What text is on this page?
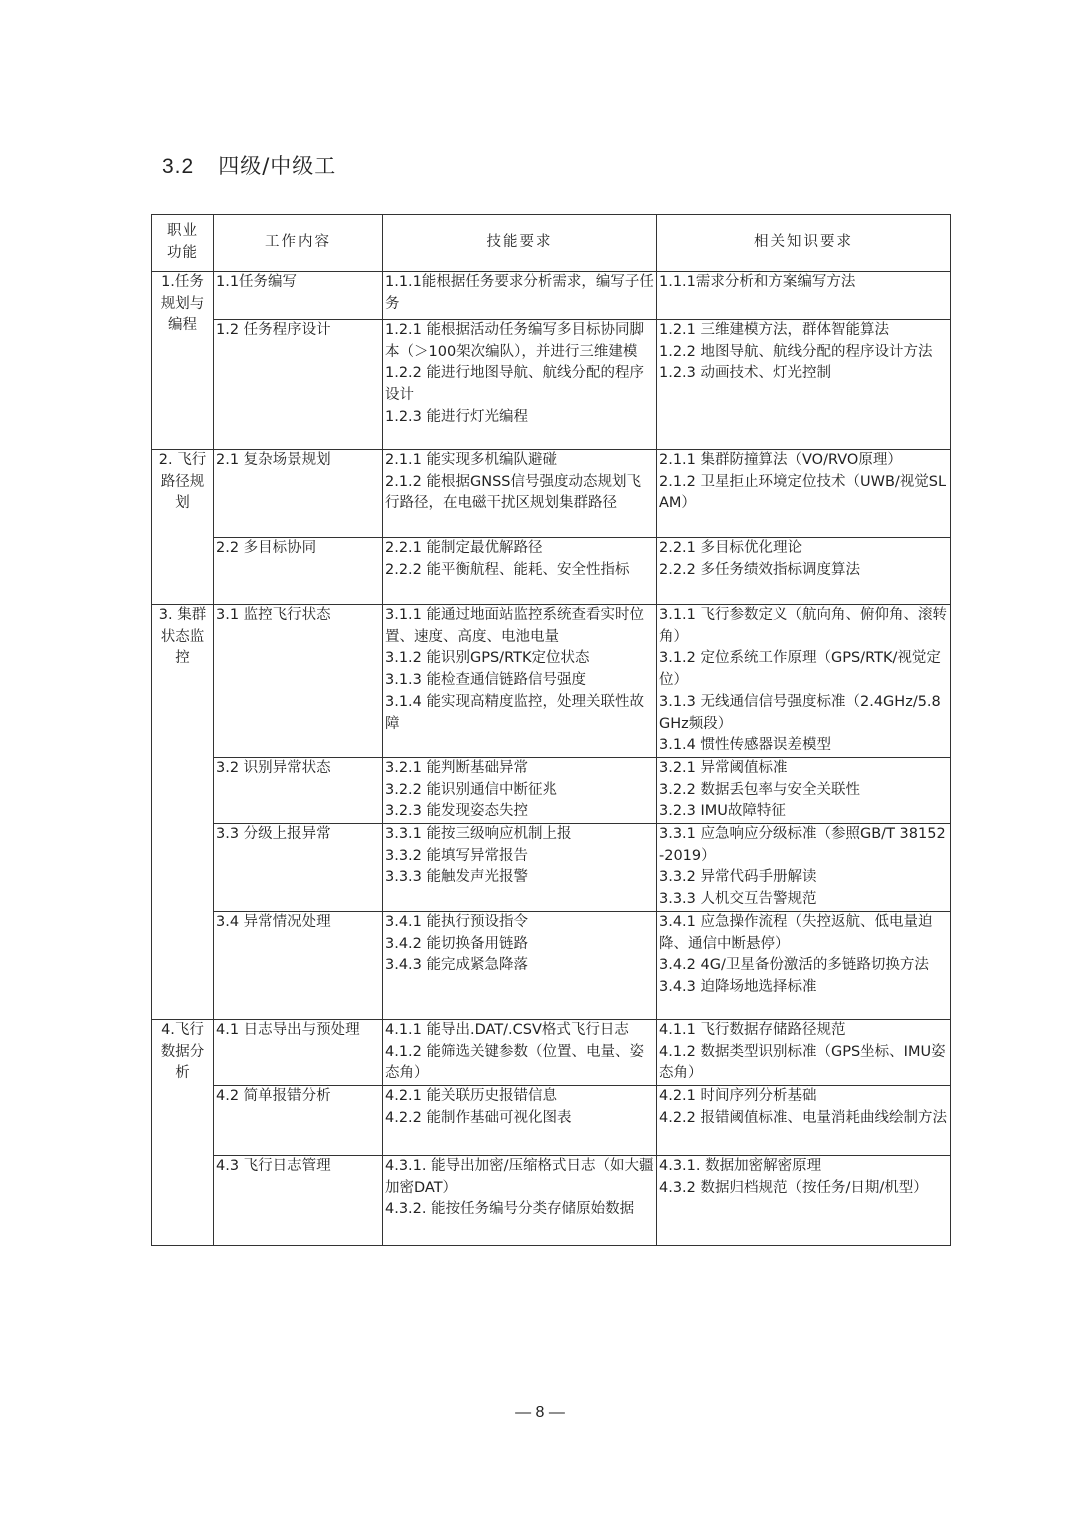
3.2 四级/中级工
职业
功能	工作内容	技能要求	相关知识要求
1.任务
规划与
编程	1.1任务编写	1.1.1能根据任务要求分析需求，编写子任务	1.1.1需求分析和方案编写方法

	1.2 任务程序设计	1.2.1 能根据活动任务编写多目标协同脚本（＞100架次编队），并进行三维建模
1.2.2 能进行地图导航、航线分配的程序设计
1.2.3 能进行灯光编程	1.2.1 三维建模方法，群体智能算法
1.2.2 地图导航、航线分配的程序设计方法
1.2.3 动画技术、灯光控制

2. 飞行路径规划	2.1 复杂场景规划	2.1.1 能实现多机编队避碰
2.1.2 能根据GNSS信号强度动态规划飞行路径，在电磁干扰区规划集群路径	2.1.1 集群防撞算法（VO/RVO原理）
2.1.2 卫星拒止环境定位技术（UWB/视觉SLAM）

	2.2 多目标协同	2.2.1 能制定最优解路径
2.2.2 能平衡航程、能耗、安全性指标	2.2.1 多目标优化理论
2.2.2 多任务绩效指标调度算法

3. 集群
状态监
控	3.1 监控飞行状态	3.1.1 能通过地面站监控系统查看实时位置、速度、高度、电池电量
3.1.2 能识别GPS/RTK定位状态
3.1.3 能检查通信链路信号强度
3.1.4 能实现高精度监控，处理关联性故障	3.1.1 飞行参数定义（航向角、俯仰角、滚转角）
3.1.2 定位系统工作原理（GPS/RTK/视觉定位）
3.1.3 无线通信信号强度标准（2.4GHz/5.8GHz频段）
3.1.4 惯性传感器误差模型

	3.2 识别异常状态	3.2.1 能判断基础异常
3.2.2 能识别通信中断征兆
3.2.3 能发现姿态失控	3.2.1 异常阈值标准
3.2.2 数据丢包率与安全关联性
3.2.3 IMU故障特征

	3.3 分级上报异常	3.3.1 能按三级响应机制上报
3.3.2 能填写异常报告
3.3.3 能触发声光报警	3.3.1 应急响应分级标准（参照GB/T 38152-2019）
3.3.2 异常代码手册解读
3.3.3 人机交互告警规范

	3.4 异常情况处理	3.4.1 能执行预设指令
3.4.2 能切换备用链路
3.4.3 能完成紧急降落	3.4.1 应急操作流程（失控返航、低电量迫降、通信中断悬停）
3.4.2 4G/卫星备份激活的多链路切换方法
3.4.3 迫降场地选择标准

4.飞行
数据分
析	4.1 日志导出与预处理	4.1.1 能导出.DAT/.CSV格式飞行日志
4.1.2 能筛选关键参数（位置、电量、姿态角）	4.1.1 飞行数据存储路径规范
4.1.2 数据类型识别标准（GPS坐标、IMU姿态角）

	4.2 简单报错分析	4.2.1 能关联历史报错信息
4.2.2 能制作基础可视化图表	4.2.1 时间序列分析基础
4.2.2 报错阈值标准、电量消耗曲线绘制方法

	4.3 飞行日志管理	4.3.1. 能导出加密/压缩格式日志（如大疆加密DAT）
4.3.2. 能按任务编号分类存储原始数据	4.3.1. 数据加密解密原理
4.3.2 数据归档规范（按任务/日期/机型）
— 8 —
